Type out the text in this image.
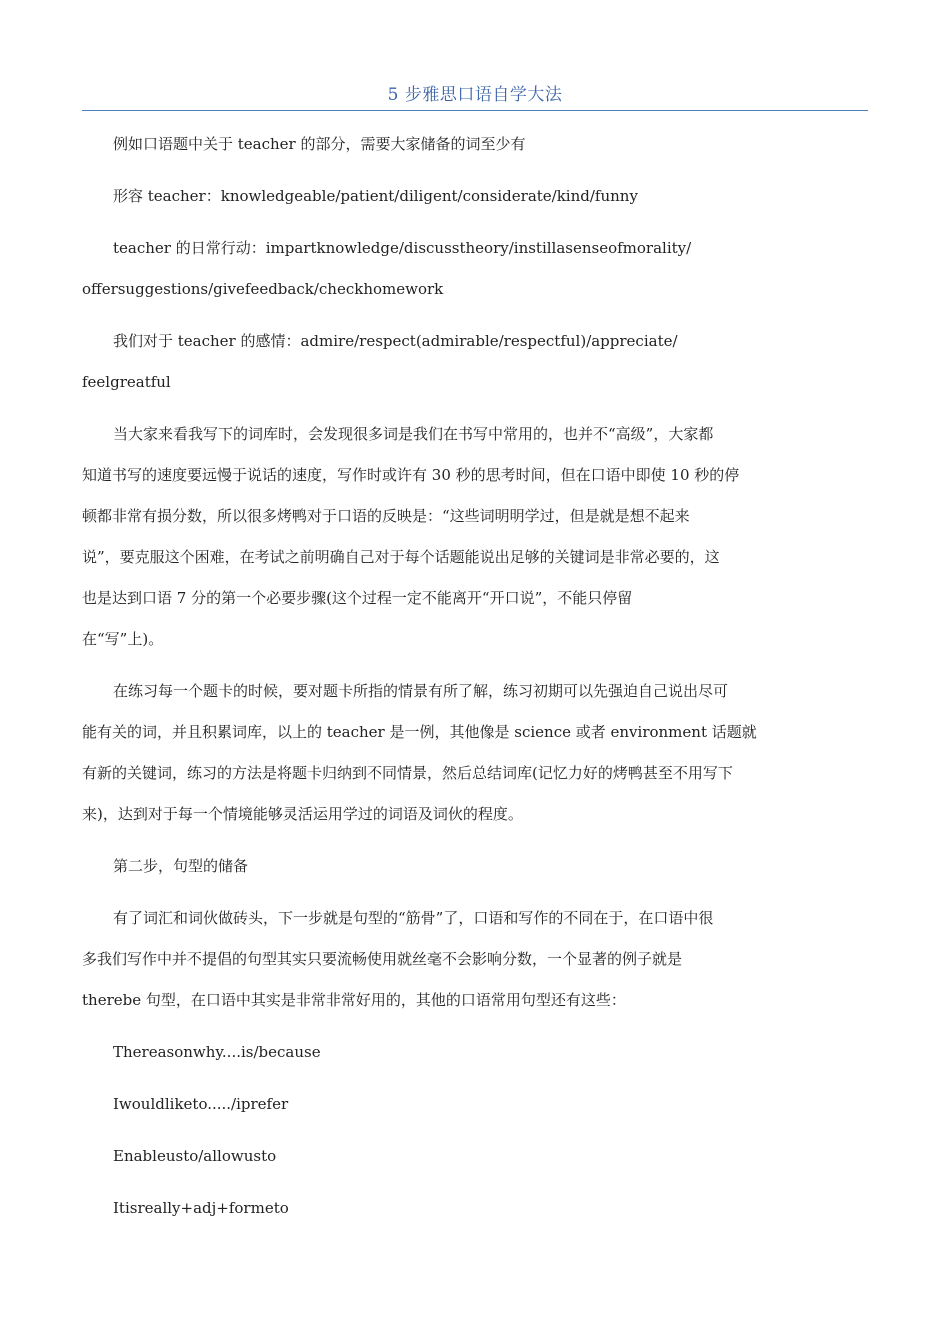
5 步雅思口语自学大法

例如口语题中关于 teacher 的部分，需要大家储备的词至少有

形容 teacher：knowledgeable/patient/diligent/considerate/kind/funny

teacher 的日常行动：impartknowledge/discusstheory/instillasenseofmorality/
offersuggestions/givefeedback/checkhomework

我们对于 teacher 的感情：admire/respect(admirable/respectful)/appreciate/
feelgreatful

当大家来看我写下的词库时，会发现很多词是我们在书写中常用的，也并不“高级”，大家都
知道书写的速度要远慢于说话的速度，写作时或许有 30 秒的思考时间，但在口语中即使 10 秒的停
顿都非常有损分数，所以很多烤鸭对于口语的反映是：“这些词明明学过，但是就是想不起来
说”，要克服这个困难，在考试之前明确自己对于每个话题能说出足够的关键词是非常必要的，这
也是达到口语 7 分的第一个必要步骤(这个过程一定不能离开“开口说”，不能只停留
在“写”上)。

在练习每一个题卡的时候，要对题卡所指的情景有所了解，练习初期可以先强迫自己说出尽可
能有关的词，并且积累词库，以上的 teacher 是一例，其他像是 science 或者 environment 话题就
有新的关键词，练习的方法是将题卡归纳到不同情景，然后总结词库(记忆力好的烤鸭甚至不用写下
来)，达到对于每一个情境能够灵活运用学过的词语及词伙的程度。

第二步，句型的储备

有了词汇和词伙做砖头，下一步就是句型的“筋骨”了，口语和写作的不同在于，在口语中很
多我们写作中并不提倡的句型其实只要流畅使用就丝毫不会影响分数，一个显著的例子就是
therebe 句型，在口语中其实是非常非常好用的，其他的口语常用句型还有这些：

Thereasonwhy....is/because

Iwouldliketo...../iprefer

Enableusto/allowusto

Itisreally+adj+formeto
